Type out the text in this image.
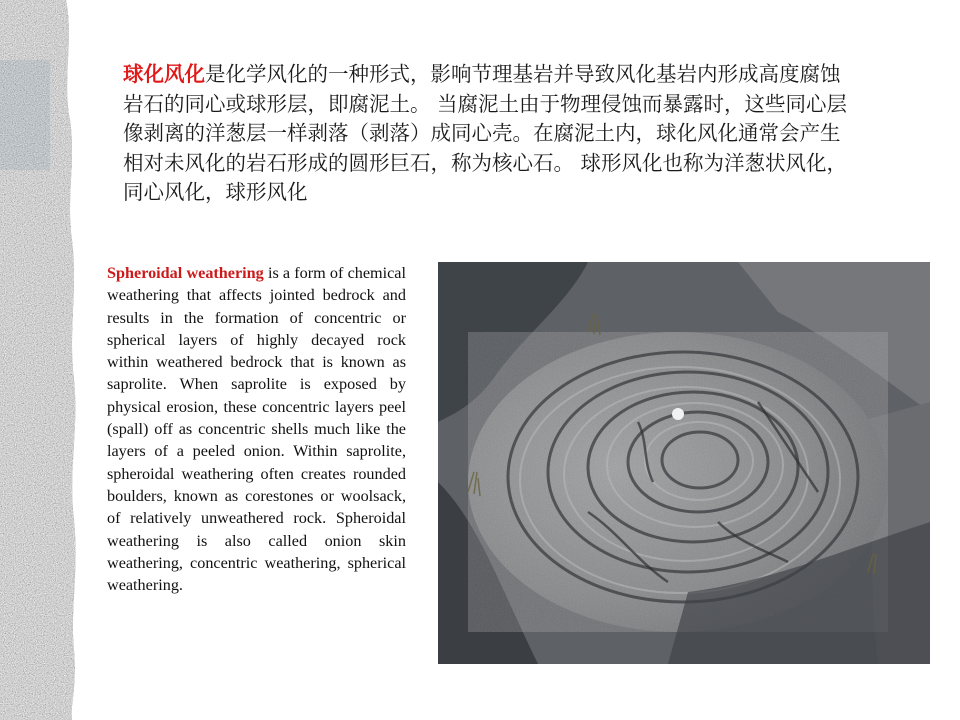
球化风化是化学风化的一种形式，影响节理基岩并导致风化基岩内形成高度腐蚀岩石的同心或球形层，即腐泥土。 当腐泥土由于物理侵蚀而暴露时，这些同心层像剥离的洋葱层一样剥落（剥落）成同心壳。在腐泥土内，球化风化通常会产生相对未风化的岩石形成的圆形巨石，称为核心石。 球形风化也称为洋葱状风化，同心风化，球形风化

Spheroidal weathering is a form of chemical weathering that affects jointed bedrock and results in the formation of concentric or spherical layers of highly decayed rock within weathered bedrock that is known as saprolite. When saprolite is exposed by physical erosion, these concentric layers peel (spall) off as concentric shells much like the layers of a peeled onion. Within saprolite, spheroidal weathering often creates rounded boulders, known as corestones or woolsack, of relatively unweathered rock. Spheroidal weathering is also called onion skin weathering, concentric weathering, spherical weathering.
